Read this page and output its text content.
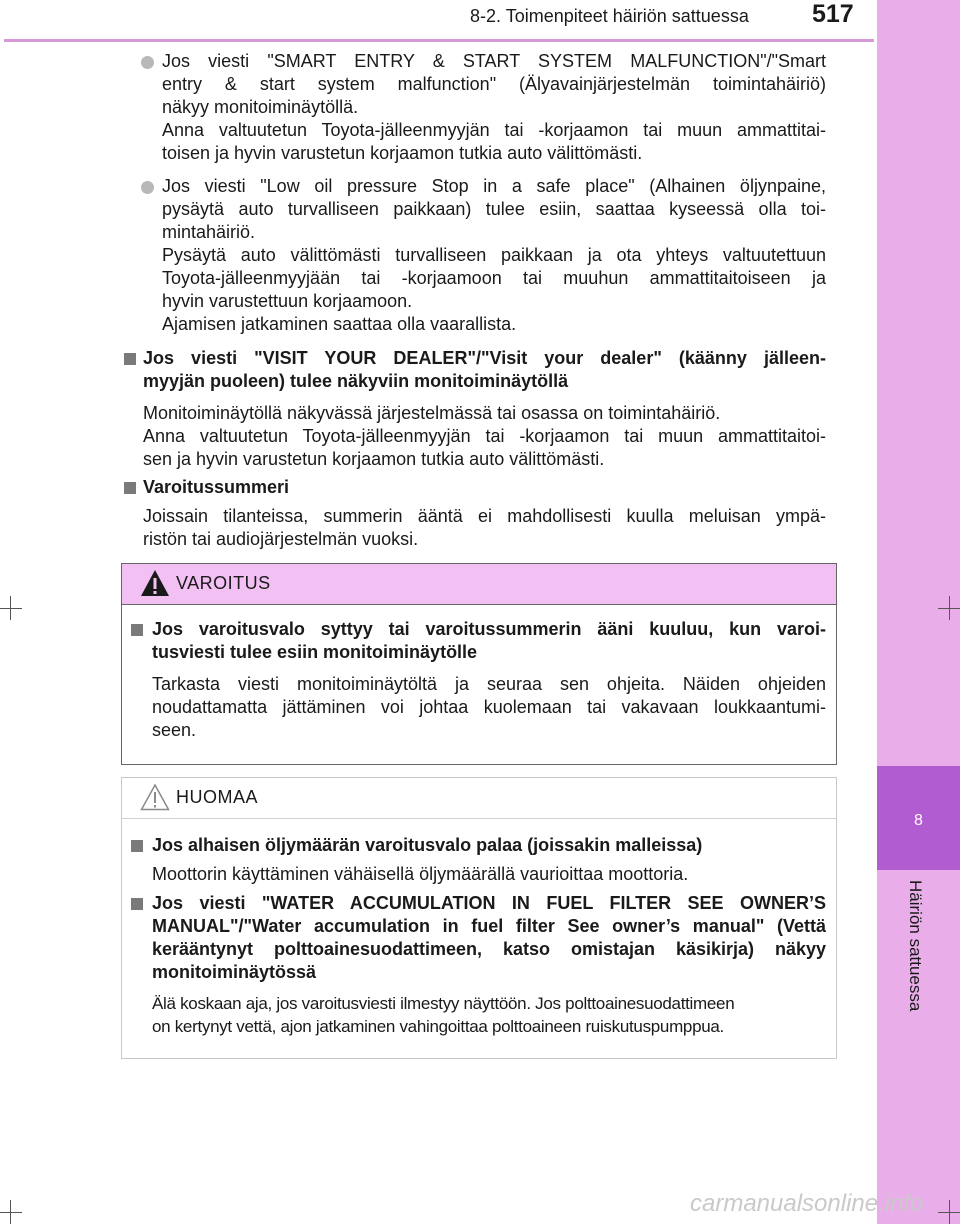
8-2. Toimenpiteet häiriön sattuessa	517
8
Häiriön sattuessa
Jos viesti "SMART ENTRY & START SYSTEM MALFUNCTION"/"Smart
entry & start system malfunction" (Älyavainjärjestelmän toimintahäiriö)
näkyy monitoiminäytöllä.
Anna valtuutetun Toyota-jälleenmyyjän tai -korjaamon tai muun ammattitai-
toisen ja hyvin varustetun korjaamon tutkia auto välittömästi.
Jos viesti "Low oil pressure Stop in a safe place" (Alhainen öljynpaine,
pysäytä auto turvalliseen paikkaan) tulee esiin, saattaa kyseessä olla toi-
mintahäiriö.
Pysäytä auto välittömästi turvalliseen paikkaan ja ota yhteys valtuutettuun
Toyota-jälleenmyyjään tai -korjaamoon tai muuhun ammattitaitoiseen ja
hyvin varustettuun korjaamoon.
Ajamisen jatkaminen saattaa olla vaarallista.
Jos viesti "VISIT YOUR DEALER"/"Visit your dealer" (käänny jälleen-
myyjän puoleen) tulee näkyviin monitoiminäytöllä
Monitoiminäytöllä näkyvässä järjestelmässä tai osassa on toimintahäiriö.
Anna valtuutetun Toyota-jälleenmyyjän tai -korjaamon tai muun ammattitaitoi-
sen ja hyvin varustetun korjaamon tutkia auto välittömästi.
Varoitussummeri
Joissain tilanteissa, summerin ääntä ei mahdollisesti kuulla meluisan ympä-
ristön tai audiojärjestelmän vuoksi.
VAROITUS
Jos varoitusvalo syttyy tai varoitussummerin ääni kuuluu, kun varoi-
tusviesti tulee esiin monitoiminäytölle
Tarkasta viesti monitoiminäytöltä ja seuraa sen ohjeita. Näiden ohjeiden
noudattamatta jättäminen voi johtaa kuolemaan tai vakavaan loukkaantumi-
seen.
HUOMAA
Jos alhaisen öljymäärän varoitusvalo palaa (joissakin malleissa)
Moottorin käyttäminen vähäisellä öljymäärällä vaurioittaa moottoria.
Jos viesti "WATER ACCUMULATION IN FUEL FILTER SEE OWNER’S
MANUAL"/"Water accumulation in fuel filter See owner’s manual" (Vettä
kerääntynyt polttoainesuodattimeen, katso omistajan käsikirja) näkyy
monitoiminäytössä
Älä koskaan aja, jos varoitusviesti ilmestyy näyttöön. Jos polttoainesuodattimeen
on kertynyt vettä, ajon jatkaminen vahingoittaa polttoaineen ruiskutuspumppua.
carmanualsonline.info
